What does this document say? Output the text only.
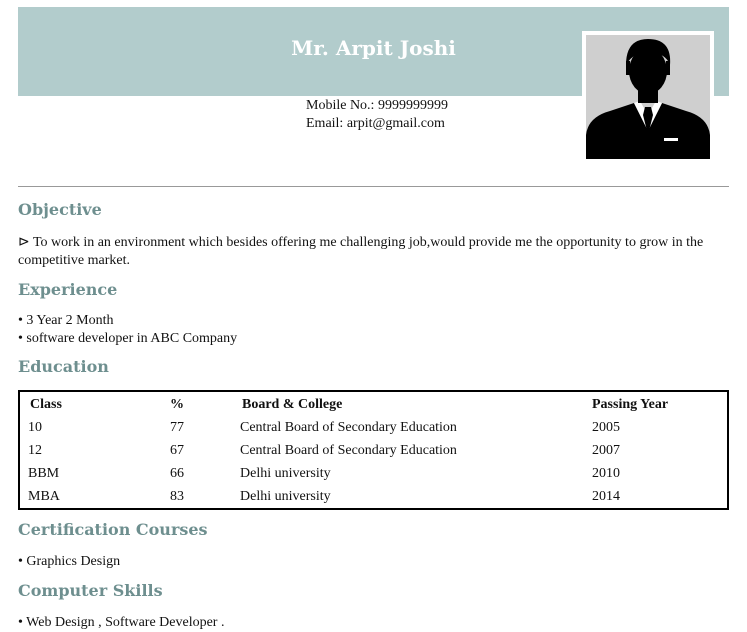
Mr. Arpit Joshi
Mobile No.: 9999999999
Email: arpit@gmail.com
Objective
⊳ To work in an environment which besides offering me challenging job,would provide me the opportunity to grow in the competitive market.
Experience
• 3 Year 2 Month
• software developer in ABC Company
Education
Class	%	Board & College	Passing Year
10	77	Central Board of Secondary Education	2005
12	67	Central Board of Secondary Education	2007
BBM	66	Delhi university	2010
MBA	83	Delhi university	2014
Certification Courses
• Graphics Design
Computer Skills
• Web Design , Software Developer .
